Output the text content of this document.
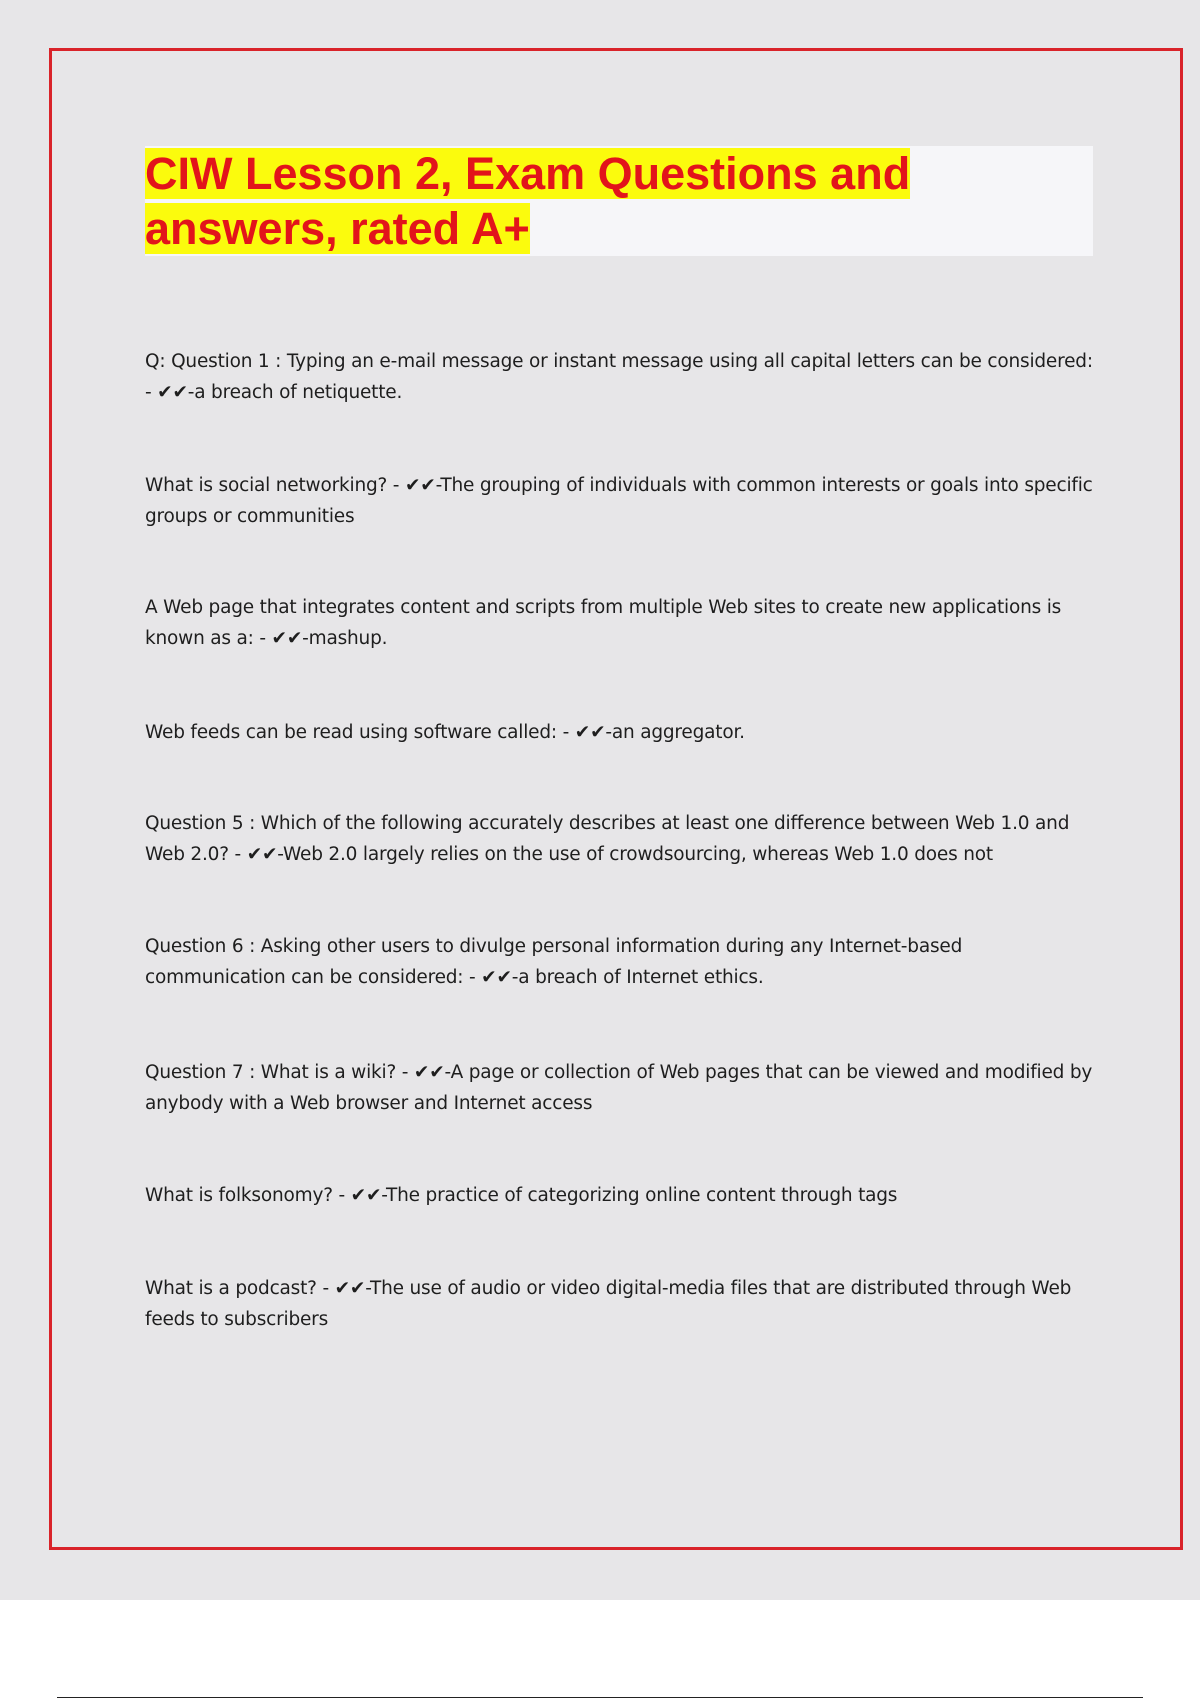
CIW Lesson 2, Exam Questions and
answers, rated A+
Q: Question 1 : Typing an e-mail message or instant message using all capital letters can be considered: - ✔✔-a breach of netiquette.
What is social networking? - ✔✔-The grouping of individuals with common interests or goals into specific groups or communities
A Web page that integrates content and scripts from multiple Web sites to create new applications is known as a: - ✔✔-mashup.
Web feeds can be read using software called: - ✔✔-an aggregator.
Question 5 : Which of the following accurately describes at least one difference between Web 1.0 and Web 2.0? - ✔✔-Web 2.0 largely relies on the use of crowdsourcing, whereas Web 1.0 does not
Question 6 : Asking other users to divulge personal information during any Internet-based communication can be considered: - ✔✔-a breach of Internet ethics.
Question 7 : What is a wiki? - ✔✔-A page or collection of Web pages that can be viewed and modified by anybody with a Web browser and Internet access
What is folksonomy? - ✔✔-The practice of categorizing online content through tags
What is a podcast? - ✔✔-The use of audio or video digital-media files that are distributed through Web feeds to subscribers
